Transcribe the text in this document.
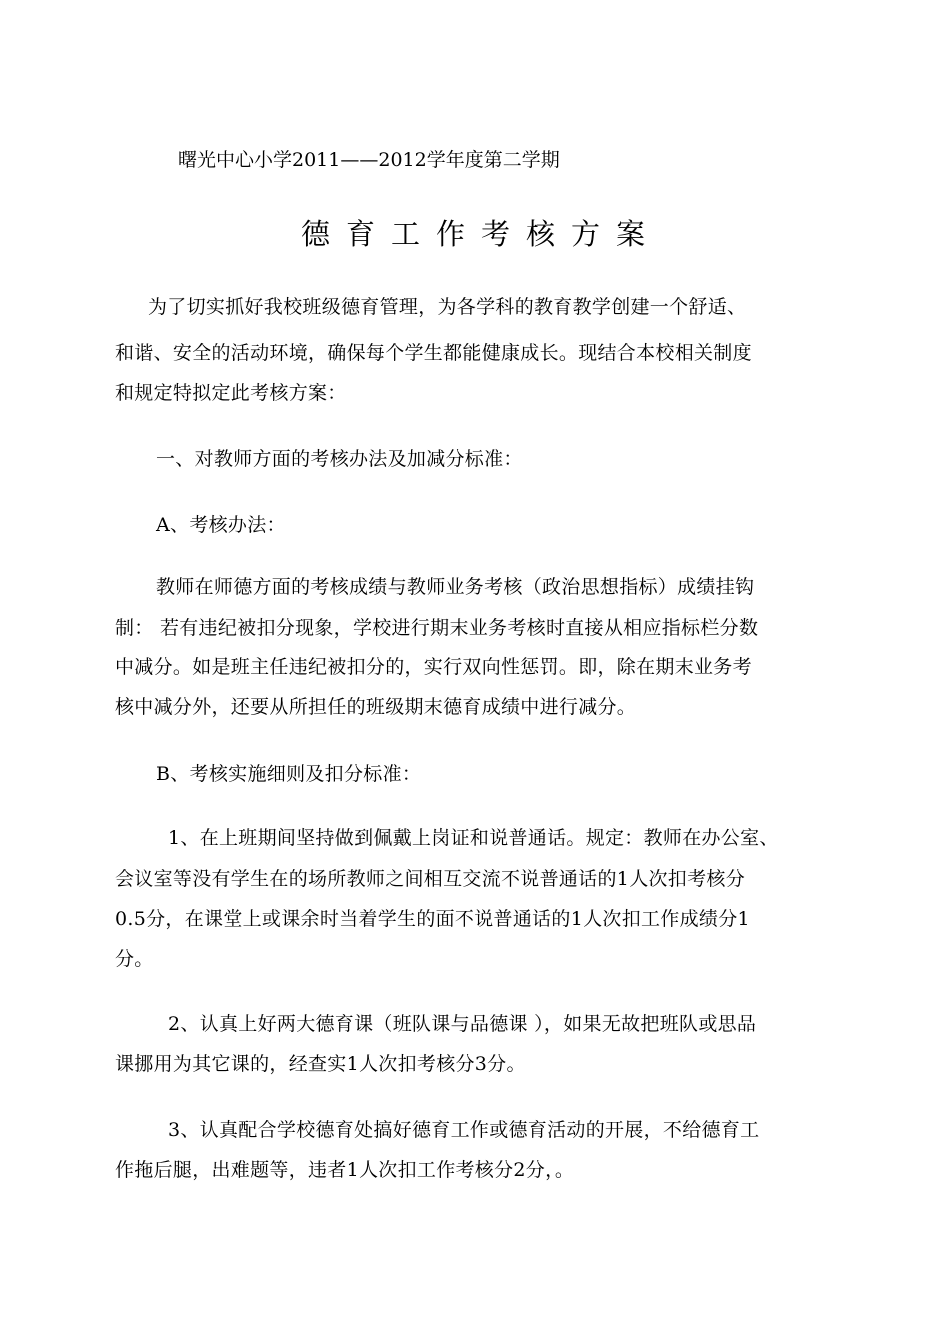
曙光中心小学2011——2012学年度第二学期
德育工作考核方案
为了切实抓好我校班级德育管理，为各学科的教育教学创建一个舒适、
和谐、安全的活动环境，确保每个学生都能健康成长。现结合本校相关制度
和规定特拟定此考核方案：
一、对教师方面的考核办法及加减分标准：
A、考核办法：
教师在师德方面的考核成绩与教师业务考核（政治思想指标）成绩挂钩
制： 若有违纪被扣分现象，学校进行期末业务考核时直接从相应指标栏分数
中减分。如是班主任违纪被扣分的，实行双向性惩罚。即，除在期末业务考
核中减分外，还要从所担任的班级期末德育成绩中进行减分。
B、考核实施细则及扣分标准：
1、在上班期间坚持做到佩戴上岗证和说普通话。规定：教师在办公室、
会议室等没有学生在的场所教师之间相互交流不说普通话的1人次扣考核分
0.5分，在课堂上或课余时当着学生的面不说普通话的1人次扣工作成绩分1
分。
2、认真上好两大德育课（班队课与品德课 ），如果无故把班队或思品
课挪用为其它课的，经查实1人次扣考核分3分。
3、认真配合学校德育处搞好德育工作或德育活动的开展，不给德育工
作拖后腿，出难题等，违者1人次扣工作考核分2分，。
